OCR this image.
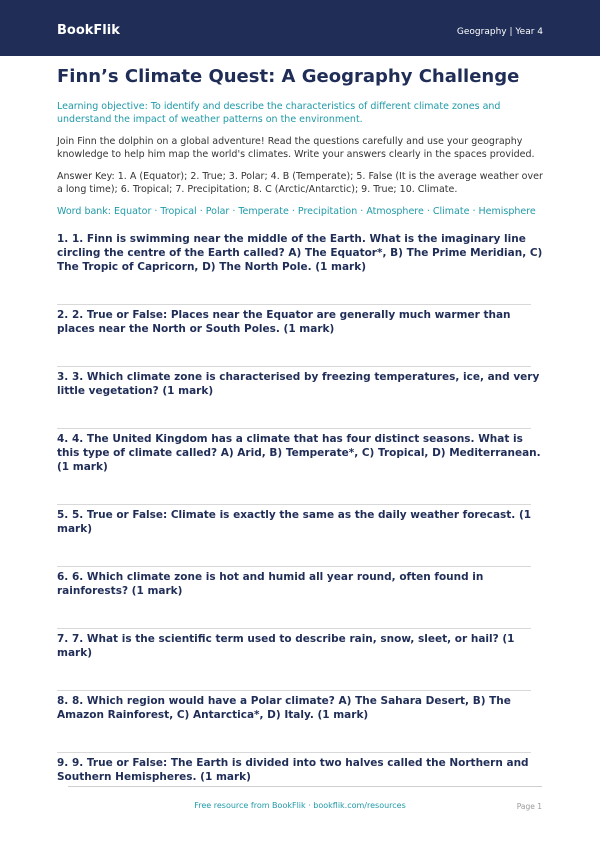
BookFlik	Geography | Year 4
Finn’s Climate Quest: A Geography Challenge
Learning objective: To identify and describe the characteristics of different climate zones and understand the impact of weather patterns on the environment.
Join Finn the dolphin on a global adventure! Read the questions carefully and use your geography knowledge to help him map the world's climates. Write your answers clearly in the spaces provided.
Answer Key: 1. A (Equator); 2. True; 3. Polar; 4. B (Temperate); 5. False (It is the average weather over a long time); 6. Tropical; 7. Precipitation; 8. C (Arctic/Antarctic); 9. True; 10. Climate.
Word bank: Equator · Tropical · Polar · Temperate · Precipitation · Atmosphere · Climate · Hemisphere
1. 1. Finn is swimming near the middle of the Earth. What is the imaginary line circling the centre of the Earth called? A) The Equator*, B) The Prime Meridian, C) The Tropic of Capricorn, D) The North Pole. (1 mark)
2. 2. True or False: Places near the Equator are generally much warmer than places near the North or South Poles. (1 mark)
3. 3. Which climate zone is characterised by freezing temperatures, ice, and very little vegetation? (1 mark)
4. 4. The United Kingdom has a climate that has four distinct seasons. What is this type of climate called? A) Arid, B) Temperate*, C) Tropical, D) Mediterranean. (1 mark)
5. 5. True or False: Climate is exactly the same as the daily weather forecast. (1 mark)
6. 6. Which climate zone is hot and humid all year round, often found in rainforests? (1 mark)
7. 7. What is the scientific term used to describe rain, snow, sleet, or hail? (1 mark)
8. 8. Which region would have a Polar climate? A) The Sahara Desert, B) The Amazon Rainforest, C) Antarctica*, D) Italy. (1 mark)
9. 9. True or False: The Earth is divided into two halves called the Northern and Southern Hemispheres. (1 mark)
Free resource from BookFlik · bookflik.com/resources	Page 1
